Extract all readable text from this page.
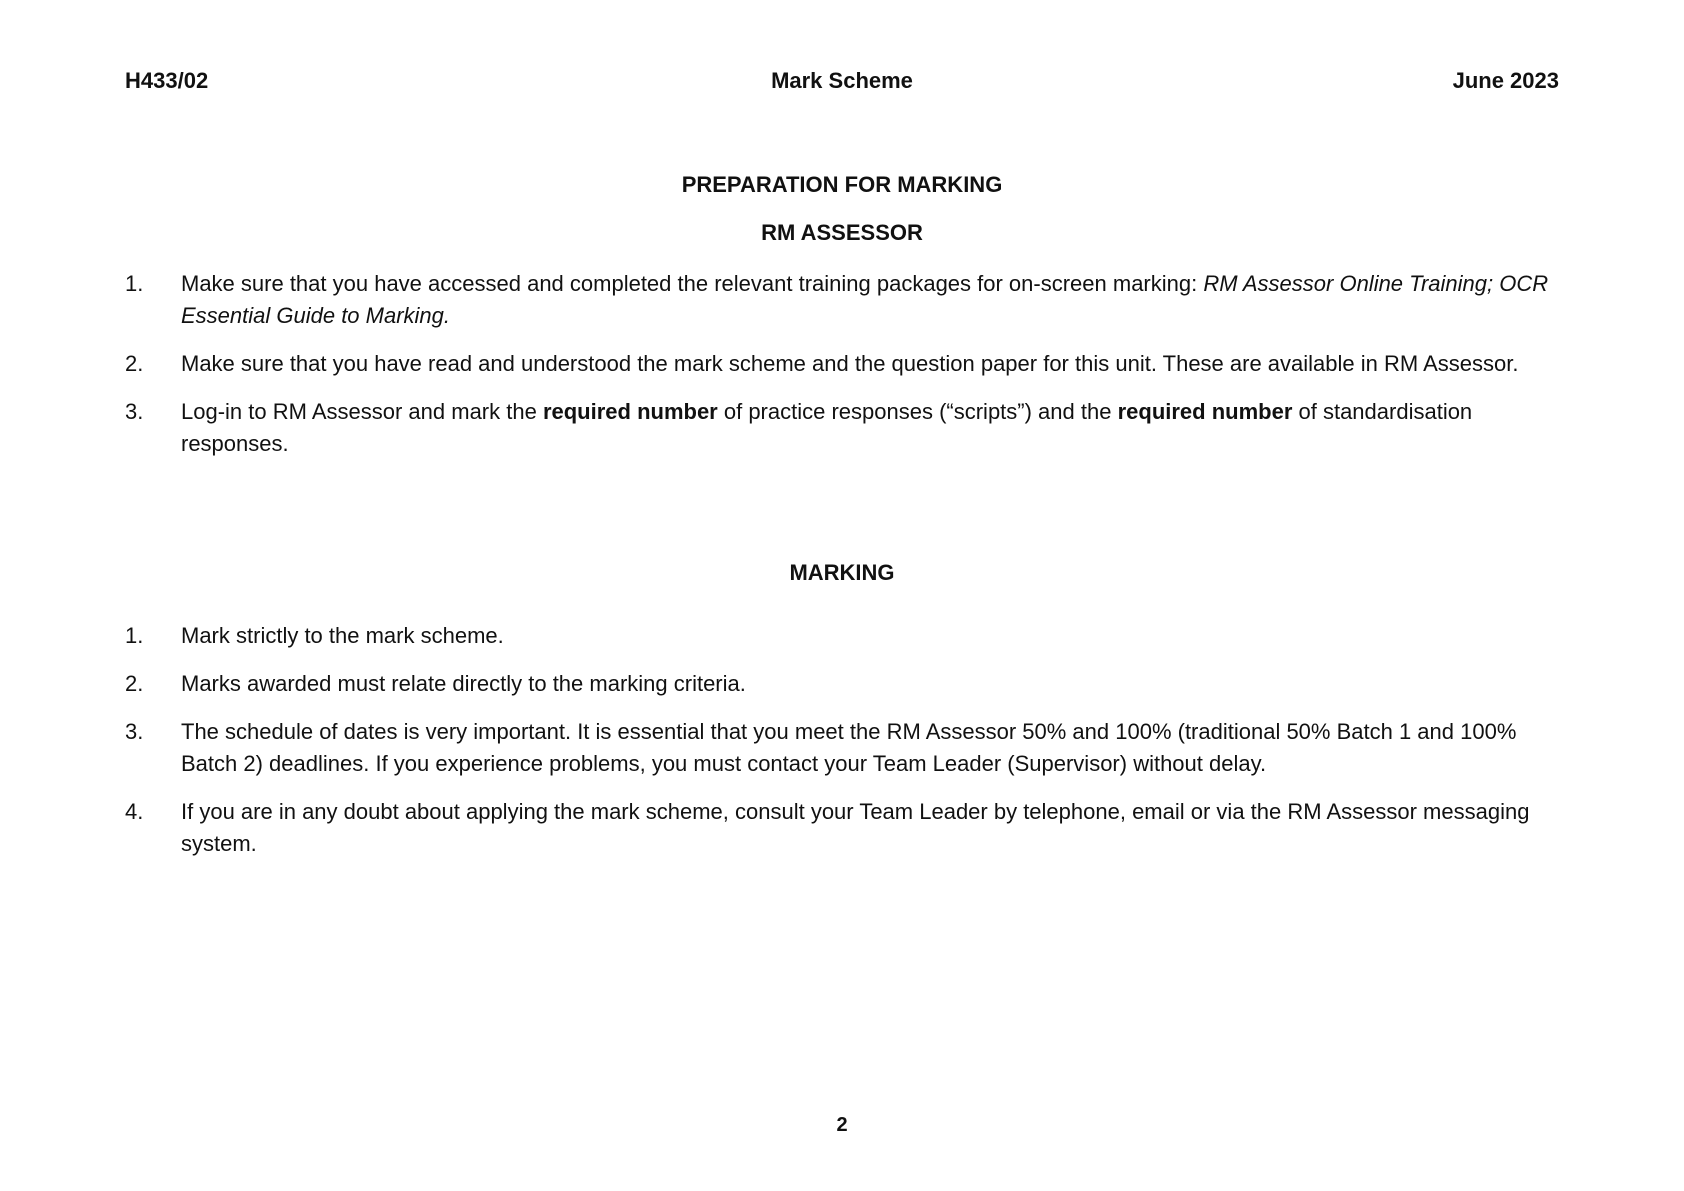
H433/02	Mark Scheme	June 2023
PREPARATION FOR MARKING
RM ASSESSOR
1. Make sure that you have accessed and completed the relevant training packages for on-screen marking: RM Assessor Online Training; OCR Essential Guide to Marking.
2. Make sure that you have read and understood the mark scheme and the question paper for this unit. These are available in RM Assessor.
3. Log-in to RM Assessor and mark the required number of practice responses (“scripts”) and the required number of standardisation responses.
MARKING
1. Mark strictly to the mark scheme.
2. Marks awarded must relate directly to the marking criteria.
3. The schedule of dates is very important. It is essential that you meet the RM Assessor 50% and 100% (traditional 50% Batch 1 and 100% Batch 2) deadlines. If you experience problems, you must contact your Team Leader (Supervisor) without delay.
4. If you are in any doubt about applying the mark scheme, consult your Team Leader by telephone, email or via the RM Assessor messaging system.
2
